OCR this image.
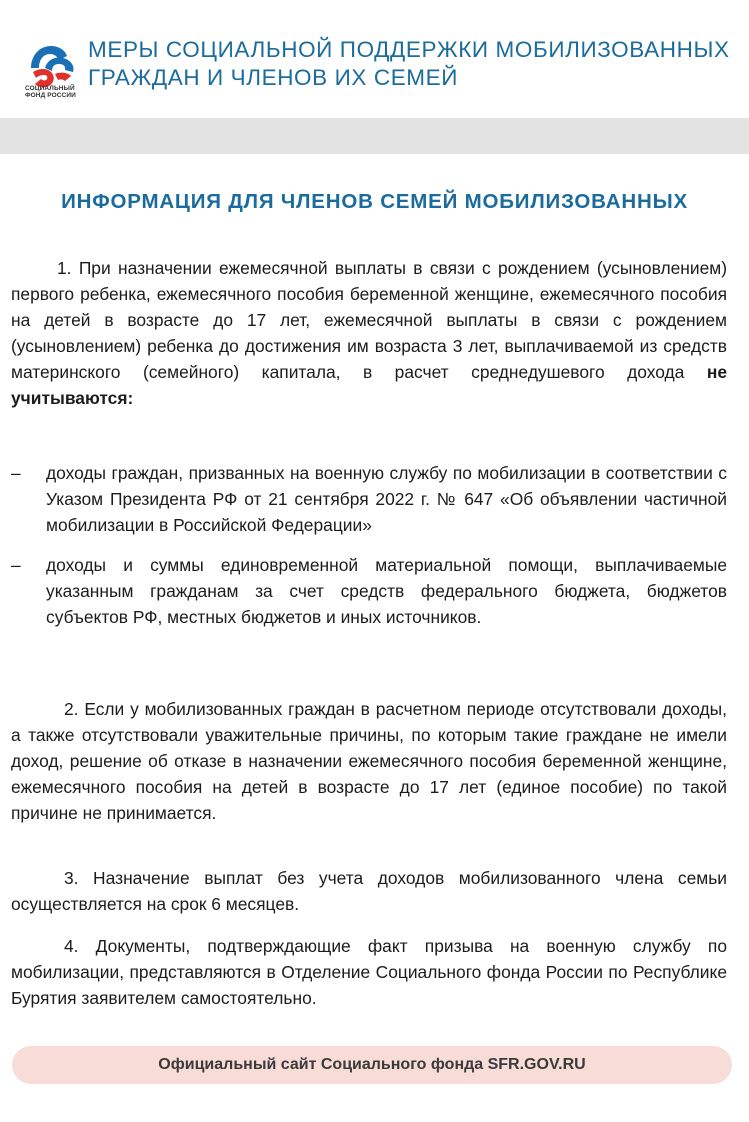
СОЦИАЛЬНЫЙ
ФОНД РОССИИ
МЕРЫ СОЦИАЛЬНОЙ ПОДДЕРЖКИ МОБИЛИЗОВАННЫХ
ГРАЖДАН И ЧЛЕНОВ ИХ СЕМЕЙ
ИНФОРМАЦИЯ ДЛЯ ЧЛЕНОВ СЕМЕЙ МОБИЛИЗОВАННЫХ
1. При назначении ежемесячной выплаты в связи с рождением (усыновлением) первого ребенка, ежемесячного пособия беременной женщине, ежемесячного пособия на детей в возрасте до 17 лет, ежемесячной выплаты в связи с рождением (усыновлением) ребенка до достижения им возраста 3 лет, выплачиваемой из средств материнского (семейного) капитала, в расчет среднедушевого дохода не учитываются:
–	доходы граждан, призванных на военную службу по мобилизации в соответствии с Указом Президента РФ от 21 сентября 2022 г. № 647 «Об объявлении частичной мобилизации в Российской Федерации»
–	доходы и суммы единовременной материальной помощи, выплачиваемые указанным гражданам за счет средств федерального бюджета, бюджетов субъектов РФ, местных бюджетов и иных источников.
2. Если у мобилизованных граждан в расчетном периоде отсутствовали доходы, а также отсутствовали уважительные причины, по которым такие граждане не имели доход, решение об отказе в назначении ежемесячного пособия беременной женщине, ежемесячного пособия на детей в возрасте до 17 лет (единое пособие) по такой причине не принимается.
3. Назначение выплат без учета доходов мобилизованного члена семьи осуществляется на срок 6 месяцев.
4. Документы, подтверждающие факт призыва на военную службу по мобилизации, представляются в Отделение Социального фонда России по Республике Бурятия заявителем самостоятельно.
Официальный сайт Социального фонда SFR.GOV.RU
